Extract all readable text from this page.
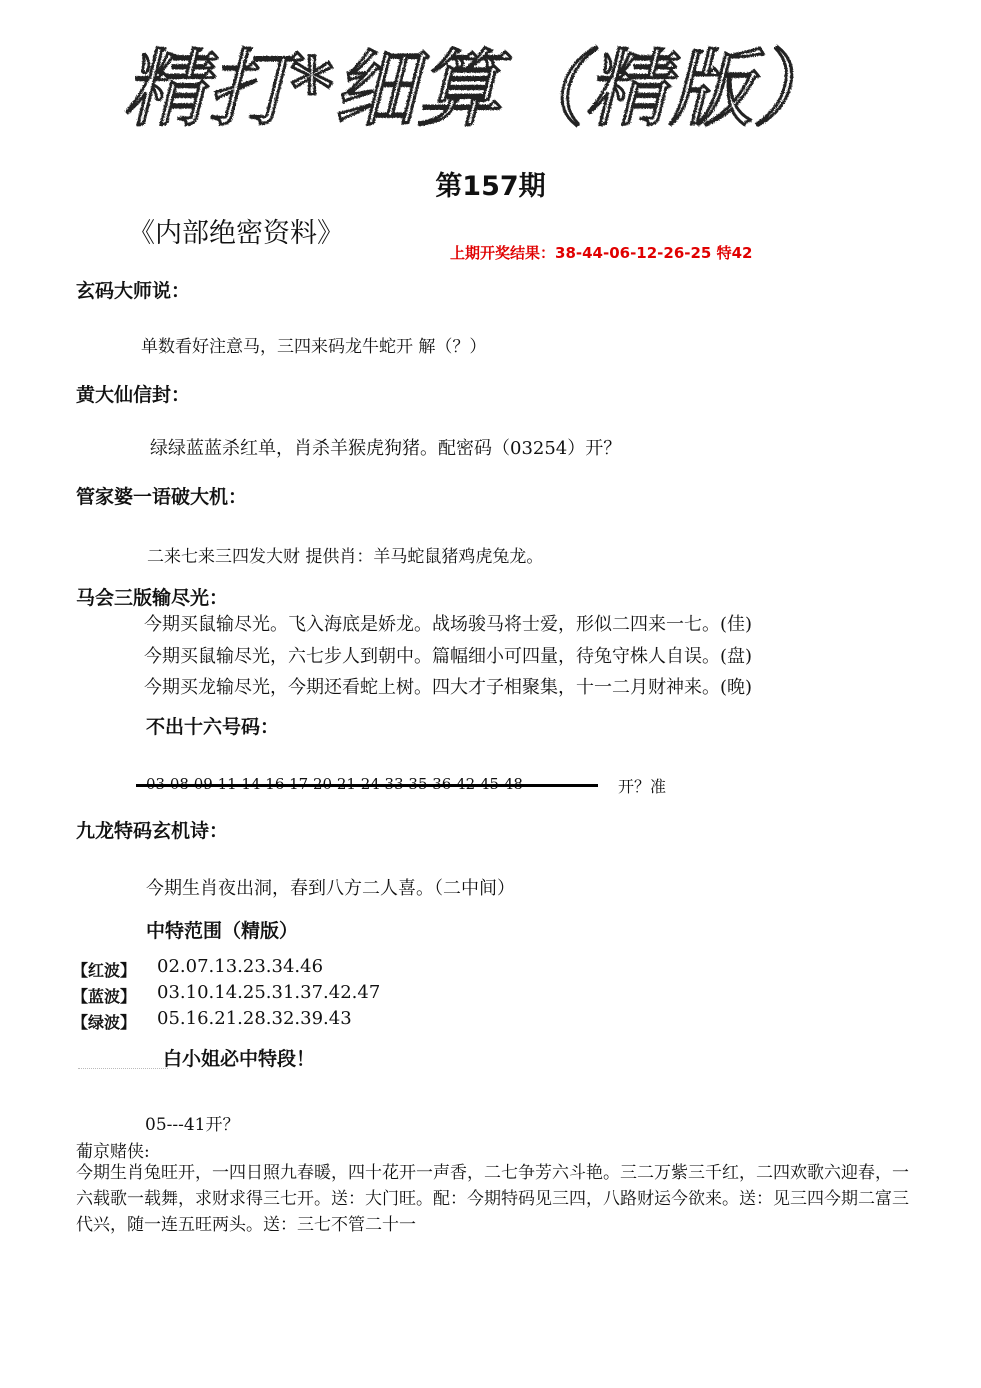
精打*细算（精版）
第157期
《内部绝密资料》
上期开奖结果：38-44-06-12-26-25 特42
玄码大师说：
单数看好注意马，三四来码龙牛蛇开 解（？）
黄大仙信封：
绿绿蓝蓝杀红单，肖杀羊猴虎狗猪。配密码（03254）开？
管家婆一语破大机：
二来七来三四发大财 提供肖：羊马蛇鼠猪鸡虎兔龙。
马会三版输尽光：
今期买鼠输尽光。飞入海底是娇龙。战场骏马将士爱，形似二四来一七。(佳)
今期买鼠输尽光，六七步人到朝中。篇幅细小可四量，待兔守株人自误。(盘)
今期买龙输尽光，今期还看蛇上树。四大才子相聚集，十一二月财神来。(晚)
不出十六号码：
开？准
九龙特码玄机诗：
今期生肖夜出洞，春到八方二人喜。（二中间）
中特范围（精版）
【红波】 02.07.13.23.34.46
【蓝波】 03.10.14.25.31.37.42.47
【绿波】 05.16.21.28.32.39.43
白小姐必中特段！
05---41开？
葡京赌侠:
今期生肖兔旺开，一四日照九春暖，四十花开一声香，二七争芳六斗艳。三二万紫三千红，二四欢歌六迎春，一六载歌一载舞，求财求得三七开。送：大门旺。配：今期特码见三四，八路财运今欲来。送：见三四今期二富三代兴，随一连五旺两头。送：三七不管二十一
